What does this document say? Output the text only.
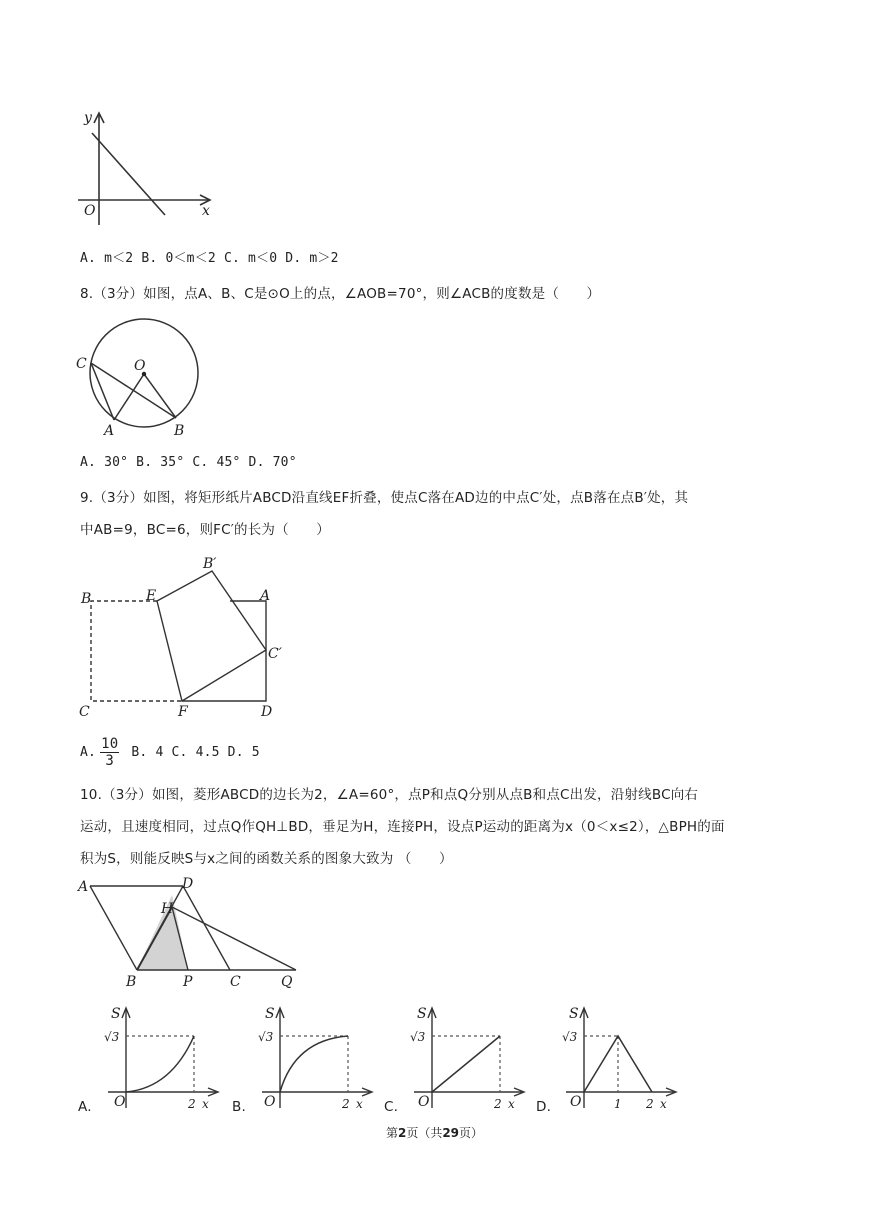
y
x
O
A. m＜2 B. 0＜m＜2 C. m＜0 D. m＞2
8.（3分）如图，点A、B、C是⊙O上的点，∠AOB=70°，则∠ACB的度数是（　　）
C	O
A	B
A. 30° B. 35° C. 45° D. 70°
9.（3分）如图，将矩形纸片ABCD沿直线EF折叠，使点C落在AD边的中点C′处，点B落在点B′处，其
中AB=9，BC=6，则FC′的长为（　　）
B	E
B′
A
C′
C	F	D
A. $\frac{10}{3} B$. 4 C. 4.5 D. 5
10.（3分）如图，菱形ABCD的边长为2，∠A=60°，点P和点Q分别从点B和点C出发，沿射线BC向右
运动，且速度相同，过点Q作QH⊥BD，垂足为H，连接PH，设点P运动的距离为x（0＜x≤2），△BPH的面
积为S，则能反映S与x之间的函数关系的图象大致为 （　　）
A	D
H
B	P	C	Q
A.
S
√3
O	2 x B.
S
√3
O	2 x C.
S
√3
O	2 x D.
S
√3
O	1 2 x
第2页（共29页）
